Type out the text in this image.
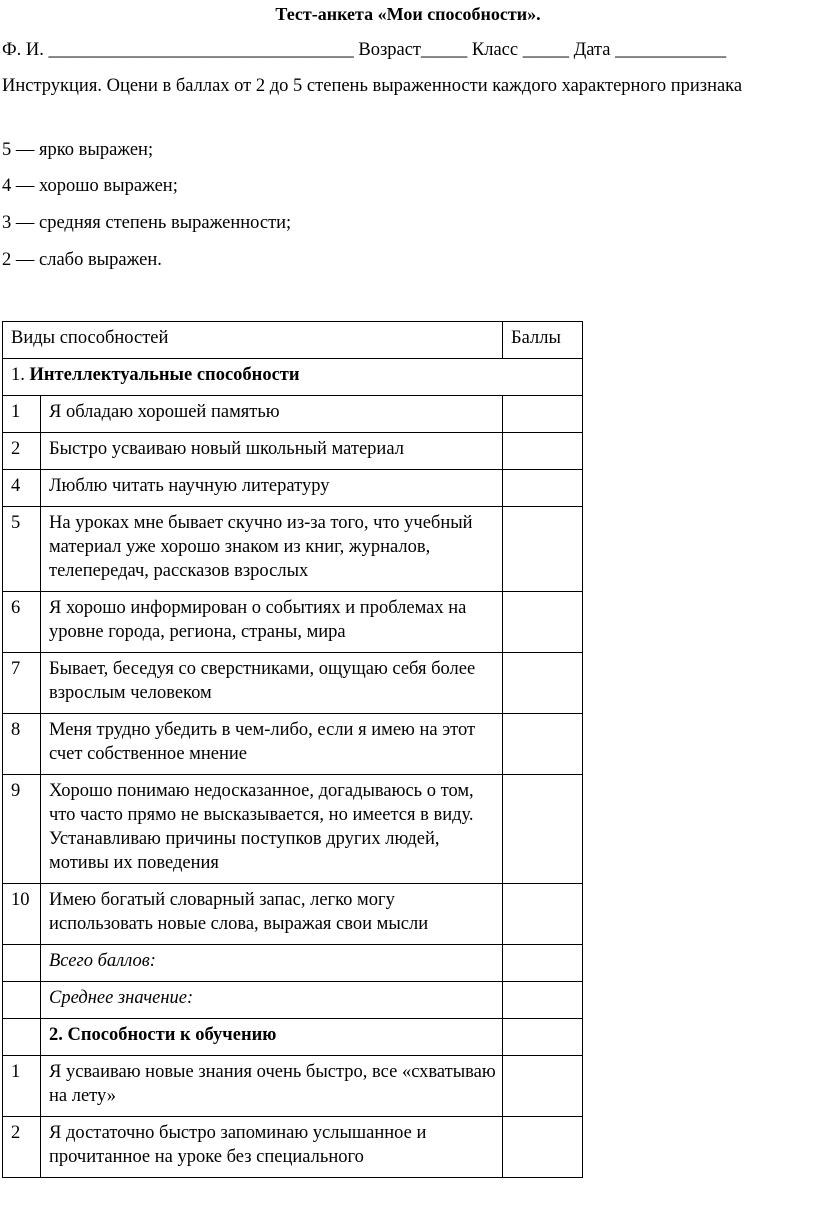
Тест-анкета «Мои способности».
Ф. И. _________________________________ Возраст_____ Класс _____ Дата ____________
Инструкция. Оцени в баллах от 2 до 5 степень выраженности каждого характерного признака
5 — ярко выражен;
4 — хорошо выражен;
3 — средняя степень выраженности;
2 — слабо выражен.
Виды способностей		Баллы
1. Интеллектуальные способности		
1	Я обладаю хорошей памятью	
2	Быстро усваиваю новый школьный материал	
4	Люблю читать научную литературу	
5	На уроках мне бывает скучно из-за того, что учебный материал уже хорошо знаком из книг, журналов, телепередач, рассказов взрослых	
6	Я хорошо информирован о событиях и проблемах на уровне города, региона, страны, мира	
7	Бывает, беседуя со сверстниками, ощущаю себя более взрослым человеком	
8	Меня трудно убедить в чем-либо, если я имею на этот счет собственное мнение	
9	Хорошо понимаю недосказанное, догадываюсь о том, что часто прямо не высказывается, но имеется в виду. Устанавливаю причины поступков других людей, мотивы их поведения	
10	Имею богатый словарный запас, легко могу использовать новые слова, выражая свои мысли	
	Всего баллов:	
	Среднее значение:	
	2. Способности к обучению	
1	Я усваиваю новые знания очень быстро, все «схватываю на лету»	
2	Я достаточно быстро запоминаю услышанное и прочитанное на уроке без специального	
